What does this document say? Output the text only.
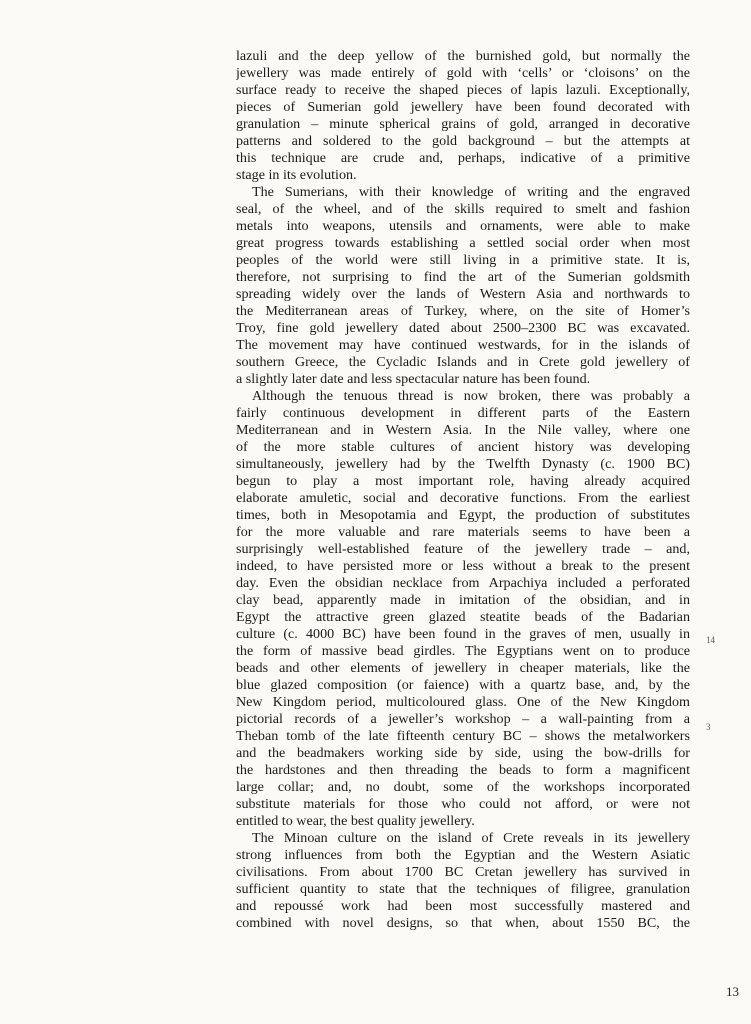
lazuli and the deep yellow of the burnished gold, but normally the
jewellery was made entirely of gold with ‘cells’ or ‘cloisons’ on the
surface ready to receive the shaped pieces of lapis lazuli. Exceptionally,
pieces of Sumerian gold jewellery have been found decorated with
granulation – minute spherical grains of gold, arranged in decorative
patterns and soldered to the gold background – but the attempts at
this technique are crude and, perhaps, indicative of a primitive
stage in its evolution.
The Sumerians, with their knowledge of writing and the engraved
seal, of the wheel, and of the skills required to smelt and fashion
metals into weapons, utensils and ornaments, were able to make
great progress towards establishing a settled social order when most
peoples of the world were still living in a primitive state. It is,
therefore, not surprising to find the art of the Sumerian goldsmith
spreading widely over the lands of Western Asia and northwards to
the Mediterranean areas of Turkey, where, on the site of Homer’s
Troy, fine gold jewellery dated about 2500–2300 BC was excavated.
The movement may have continued westwards, for in the islands of
southern Greece, the Cycladic Islands and in Crete gold jewellery of
a slightly later date and less spectacular nature has been found.
Although the tenuous thread is now broken, there was probably a
fairly continuous development in different parts of the Eastern
Mediterranean and in Western Asia. In the Nile valley, where one
of the more stable cultures of ancient history was developing
simultaneously, jewellery had by the Twelfth Dynasty (c. 1900 BC)
begun to play a most important role, having already acquired
elaborate amuletic, social and decorative functions. From the earliest
times, both in Mesopotamia and Egypt, the production of substitutes
for the more valuable and rare materials seems to have been a
surprisingly well-established feature of the jewellery trade – and,
indeed, to have persisted more or less without a break to the present
day. Even the obsidian necklace from Arpachiya included a perforated
clay bead, apparently made in imitation of the obsidian, and in
Egypt the attractive green glazed steatite beads of the Badarian
culture (c. 4000 BC) have been found in the graves of men, usually in
the form of massive bead girdles. The Egyptians went on to produce
beads and other elements of jewellery in cheaper materials, like the
blue glazed composition (or faience) with a quartz base, and, by the
New Kingdom period, multicoloured glass. One of the New Kingdom
pictorial records of a jeweller’s workshop – a wall-painting from a
Theban tomb of the late fifteenth century BC – shows the metalworkers
and the beadmakers working side by side, using the bow-drills for
the hardstones and then threading the beads to form a magnificent
large collar; and, no doubt, some of the workshops incorporated
substitute materials for those who could not afford, or were not
entitled to wear, the best quality jewellery.
The Minoan culture on the island of Crete reveals in its jewellery
strong influences from both the Egyptian and the Western Asiatic
civilisations. From about 1700 BC Cretan jewellery has survived in
sufficient quantity to state that the techniques of filigree, granulation
and repoussé work had been most successfully mastered and
combined with novel designs, so that when, about 1550 BC, the
14
3
13
